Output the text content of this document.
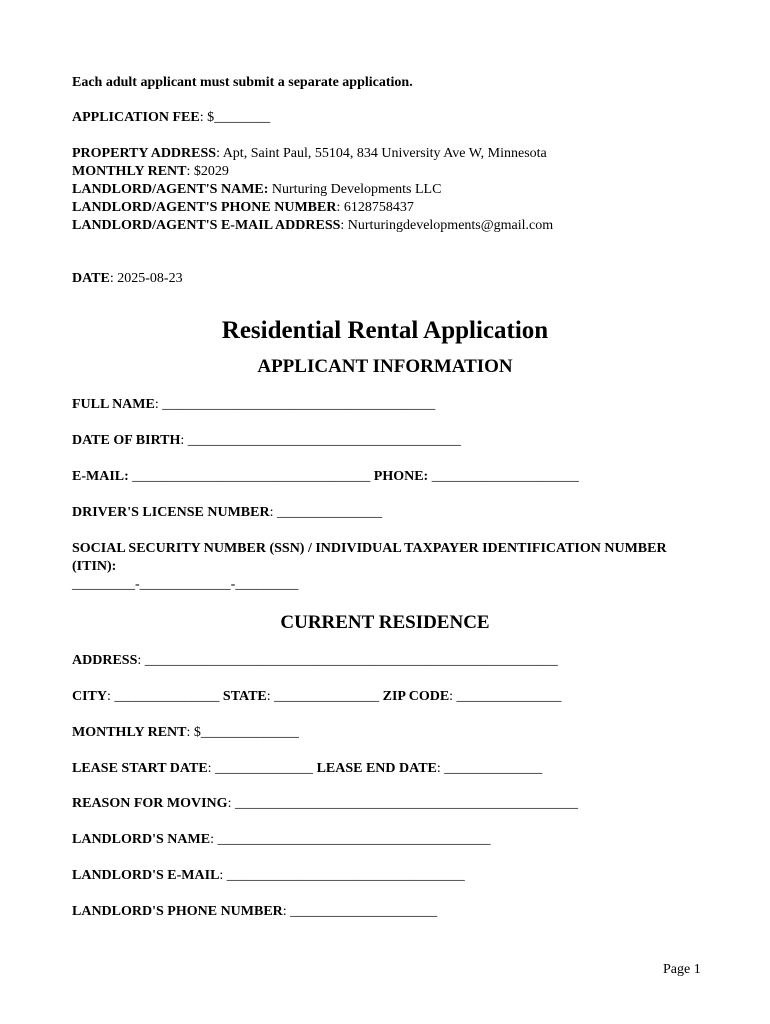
Each adult applicant must submit a separate application.
APPLICATION FEE: $________
PROPERTY ADDRESS: Apt, Saint Paul, 55104, 834 University Ave W, Minnesota
MONTHLY RENT: $2029
LANDLORD/AGENT'S NAME: Nurturing Developments LLC
LANDLORD/AGENT'S PHONE NUMBER: 6128758437
LANDLORD/AGENT'S E-MAIL ADDRESS: Nurturingdevelopments@gmail.com
DATE: 2025-08-23
Residential Rental Application
APPLICANT INFORMATION
FULL NAME: _______________________________________
DATE OF BIRTH: _______________________________________
E-MAIL: __________________________________ PHONE: _____________________
DRIVER'S LICENSE NUMBER: _______________
SOCIAL SECURITY NUMBER (SSN) / INDIVIDUAL TAXPAYER IDENTIFICATION NUMBER (ITIN):
_________-_____________-_________
CURRENT RESIDENCE
ADDRESS: ___________________________________________________________
CITY: _______________ STATE: _______________ ZIP CODE: _______________
MONTHLY RENT: $______________
LEASE START DATE: ______________ LEASE END DATE: ______________
REASON FOR MOVING: _________________________________________________
LANDLORD'S NAME: _______________________________________
LANDLORD'S E-MAIL: __________________________________
LANDLORD'S PHONE NUMBER: _____________________
Page 1
